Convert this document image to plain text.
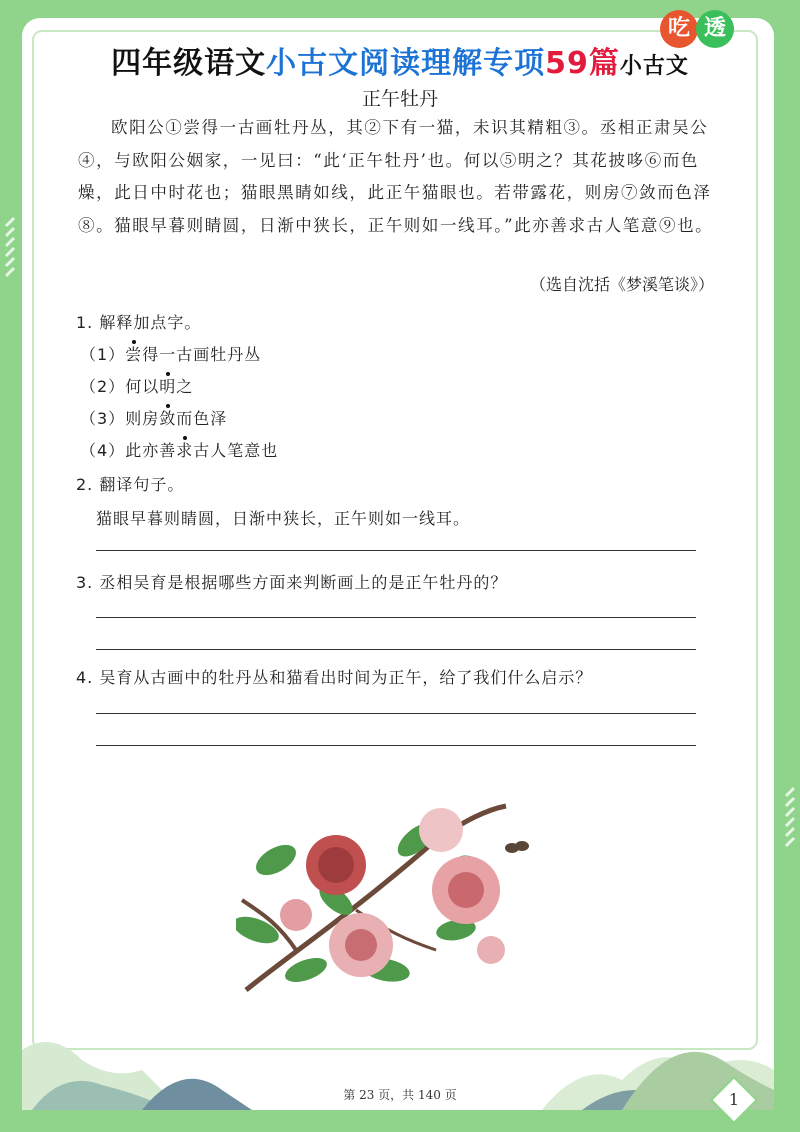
吃 透
四年级语文小古文阅读理解专项59篇小古文
正午牡丹
欧阳公①尝得一古画牡丹丛，其②下有一猫，未识其精粗③。丞相正肃吴公④，与欧阳公姻家，一见曰：“此‘正午牡丹’也。何以⑤明之？其花披哆⑥而色燥，此日中时花也；猫眼黑睛如线，此正午猫眼也。若带露花，则房⑦敛而色泽⑧。猫眼早暮则睛圆，日渐中狭长，正午则如一线耳。”此亦善求古人笔意⑨也。
（选自沈括《梦溪笔谈》）
1. 解释加点字。
（1）尝得一古画牡丹丛
（2）何以明之
（3）则房敛而色泽
（4）此亦善求古人笔意也
2. 翻译句子。
猫眼早暮则睛圆，日渐中狭长，正午则如一线耳。
3. 丞相吴育是根据哪些方面来判断画上的是正午牡丹的？
4. 吴育从古画中的牡丹丛和猫看出时间为正午，给了我们什么启示？
第 23 页，共 140 页	1
